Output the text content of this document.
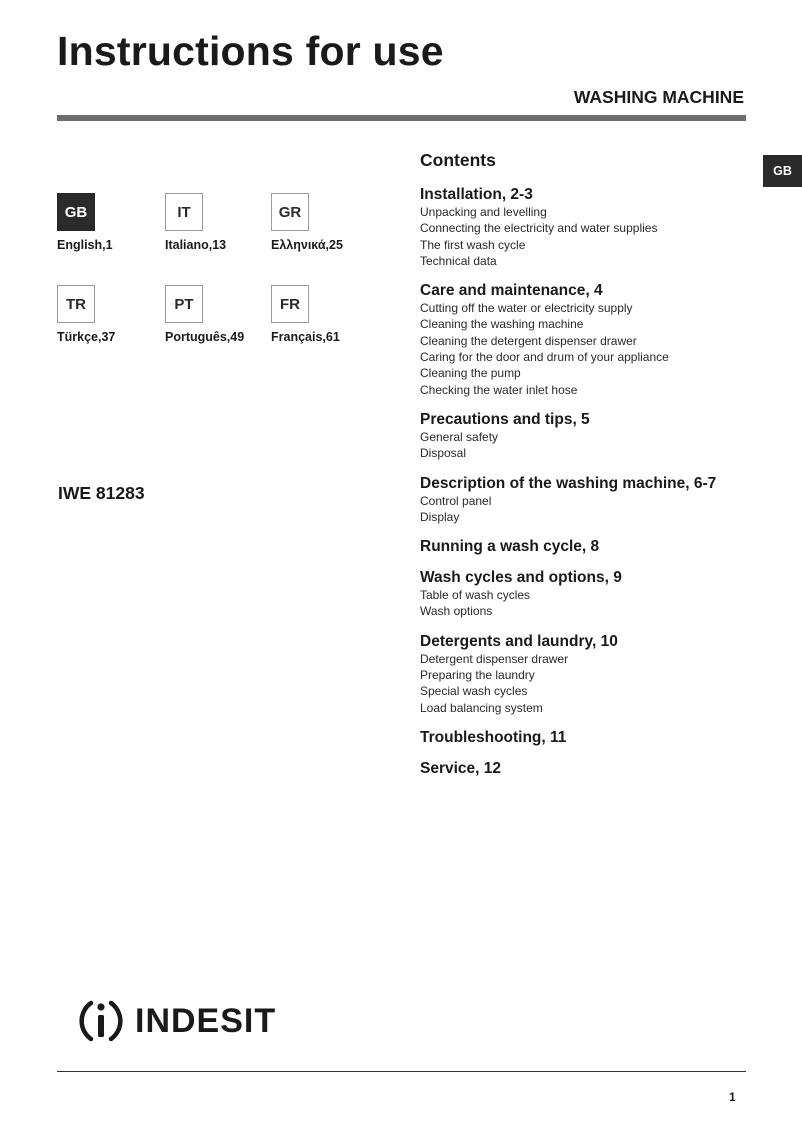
Instructions for use
WASHING MACHINE
GB
GB
English,1
IT
Italiano,13
GR
Ελληνικά,25
TR
Türkçe,37
PT
Português,49
FR
Français,61
IWE 81283
Contents
Installation, 2-3
Unpacking and levelling
Connecting the electricity and water supplies
The first wash cycle
Technical data
Care and maintenance, 4
Cutting off the water or electricity supply
Cleaning the washing machine
Cleaning the detergent dispenser drawer
Caring for the door and drum of your appliance
Cleaning the pump
Checking the water inlet hose
Precautions and tips, 5
General safety
Disposal
Description of the washing machine, 6-7
Control panel
Display
Running a wash cycle, 8
Wash cycles and options, 9
Table of wash cycles
Wash options
Detergents and laundry, 10
Detergent dispenser drawer
Preparing the laundry
Special wash cycles
Load balancing system
Troubleshooting, 11
Service, 12
INDESIT
1
